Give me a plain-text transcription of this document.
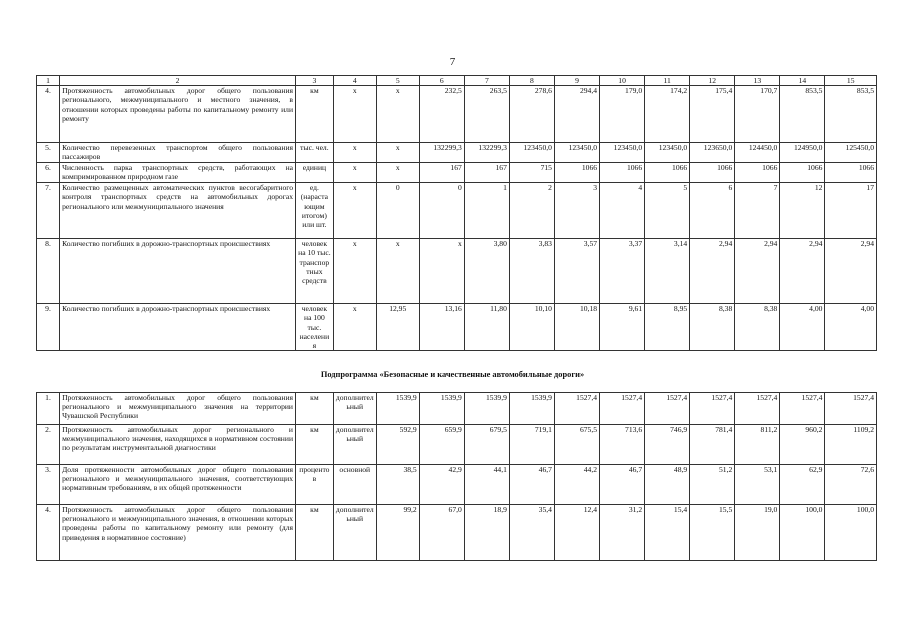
7
1	2	3	4	5	6	7	8	9	10	11	12	13	14	15
4.	Протяженность автомобильных дорог общего пользования регионального, межмуниципального и местного значения, в отношении которых проведены работы по капитальному ремонту или ремонту	км	х	х	232,5	263,5	278,6	294,4	179,0	174,2	175,4	170,7	853,5	853,5
5.	Количество перевезенных транспортом общего пользования пассажиров	тыс. чел.	х	х	132299,3	132299,3	123450,0	123450,0	123450,0	123450,0	123650,0	124450,0	124950,0	125450,0
6.	Численность парка транспортных средств, работающих на компримированном природном газе	единиц	х	х	167	167	715	1066	1066	1066	1066	1066	1066	1066
7.	Количество размещенных автоматических пунктов весогабаритного контроля транспортных средств на автомобильных дорогах регионального или межмуниципального значения	ед. (нарастающим итогом) или шт.	х	0	0	1	2	3	4	5	6	7	12	17
8.	Количество погибших в дорожно-транспортных происшествиях	человек на 10 тыс. транспортных средств	х	х	х	3,80	3,83	3,57	3,37	3,14	2,94	2,94	2,94	2,94
9.	Количество погибших в дорожно-транспортных происшествиях	человек на 100 тыс. населения	х	12,95	13,16	11,80	10,10	10,18	9,61	8,95	8,38	8,38	4,00	4,00
Подпрограмма «Безопасные и качественные автомобильные дороги»
1.	Протяженность автомобильных дорог общего пользования регионального и межмуниципального значения на территории Чувашской Республики	км	дополнительный	1539,9	1539,9	1539,9	1539,9	1527,4	1527,4	1527,4	1527,4	1527,4	1527,4	1527,4
2.	Протяженность автомобильных дорог регионального и межмуниципального значения, находящихся в нормативном состоянии по результатам инструментальной диагностики	км	дополнительный	592,9	659,9	679,5	719,1	675,5	713,6	746,9	781,4	811,2	960,2	1109,2
3.	Доля протяженности автомобильных дорог общего пользования регионального и межмуниципального значения, соответствующих нормативным требованиям, в их общей протяженности	процентов	основной	38,5	42,9	44,1	46,7	44,2	46,7	48,9	51,2	53,1	62,9	72,6
4.	Протяженность автомобильных дорог общего пользования регионального и межмуниципального значения, в отношении которых проведены работы по капитальному ремонту или ремонту (для приведения в нормативное состояние)	км	дополнительный	99,2	67,0	18,9	35,4	12,4	31,2	15,4	15,5	19,0	100,0	100,0
